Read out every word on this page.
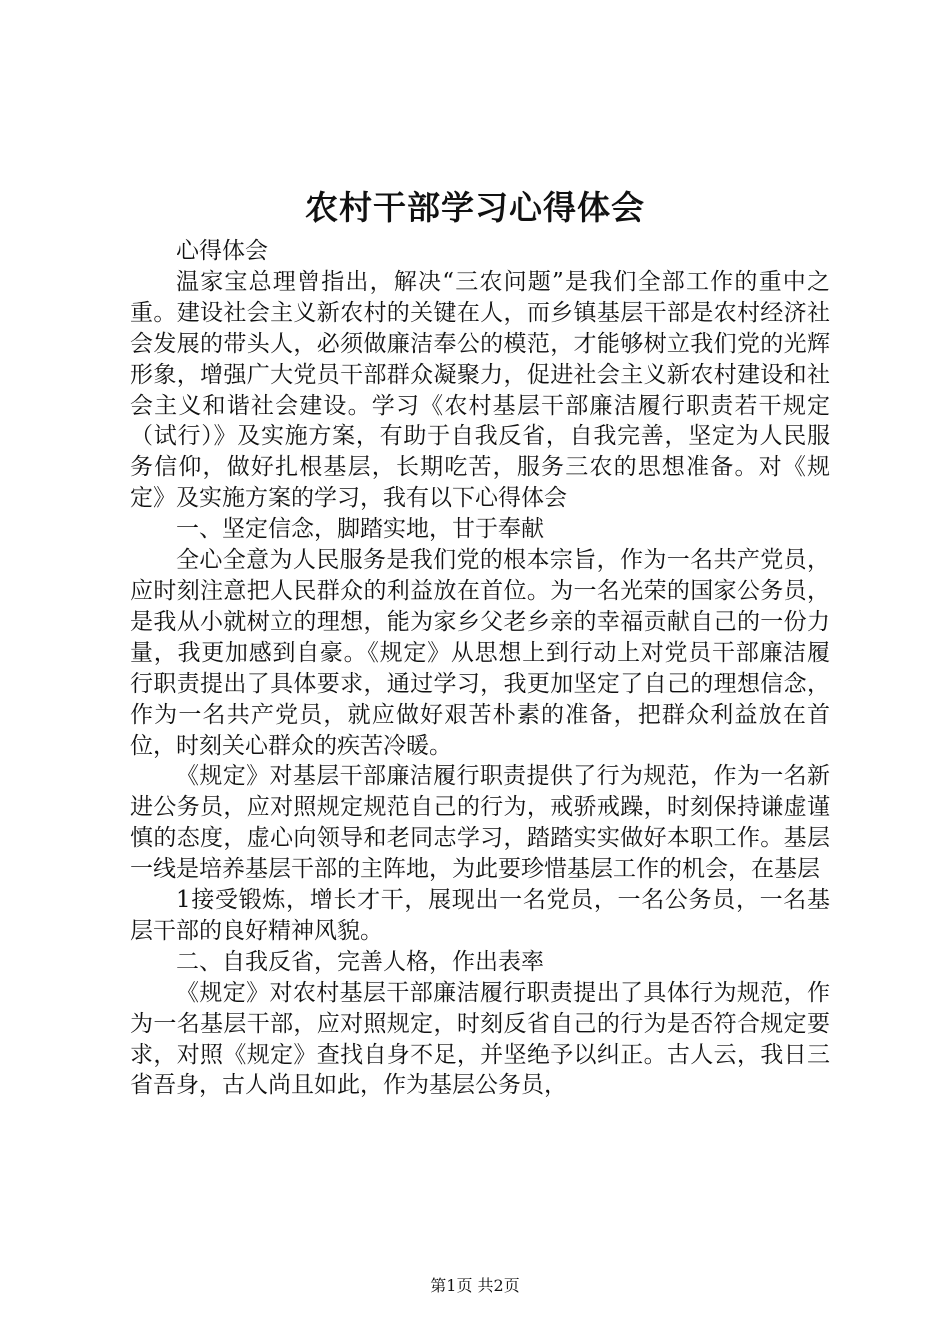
农村干部学习心得体会

心得体会

温家宝总理曾指出，解决“三农问题”是我们全部工作的重中之重。建设社会主义新农村的关键在人，而乡镇基层干部是农村经济社会发展的带头人，必须做廉洁奉公的模范，才能够树立我们党的光辉形象，增强广大党员干部群众凝聚力，促进社会主义新农村建设和社会主义和谐社会建设。学习《农村基层干部廉洁履行职责若干规定（试行）》及实施方案，有助于自我反省，自我完善，坚定为人民服务信仰，做好扎根基层，长期吃苦，服务三农的思想准备。对《规定》及实施方案的学习，我有以下心得体会

一、坚定信念，脚踏实地，甘于奉献

全心全意为人民服务是我们党的根本宗旨，作为一名共产党员，应时刻注意把人民群众的利益放在首位。为一名光荣的国家公务员，是我从小就树立的理想，能为家乡父老乡亲的幸福贡献自己的一份力量，我更加感到自豪。《规定》从思想上到行动上对党员干部廉洁履行职责提出了具体要求，通过学习，我更加坚定了自己的理想信念，作为一名共产党员，就应做好艰苦朴素的准备，把群众利益放在首位，时刻关心群众的疾苦冷暖。

《规定》对基层干部廉洁履行职责提供了行为规范，作为一名新进公务员，应对照规定规范自己的行为，戒骄戒躁，时刻保持谦虚谨慎的态度，虚心向领导和老同志学习，踏踏实实做好本职工作。基层一线是培养基层干部的主阵地，为此要珍惜基层工作的机会，在基层

1接受锻炼，增长才干，展现出一名党员，一名公务员，一名基层干部的良好精神风貌。

二、自我反省，完善人格，作出表率

《规定》对农村基层干部廉洁履行职责提出了具体行为规范，作为一名基层干部，应对照规定，时刻反省自己的行为是否符合规定要求，对照《规定》查找自身不足，并坚绝予以纠正。古人云，我日三省吾身，古人尚且如此，作为基层公务员，

第1页 共2页
